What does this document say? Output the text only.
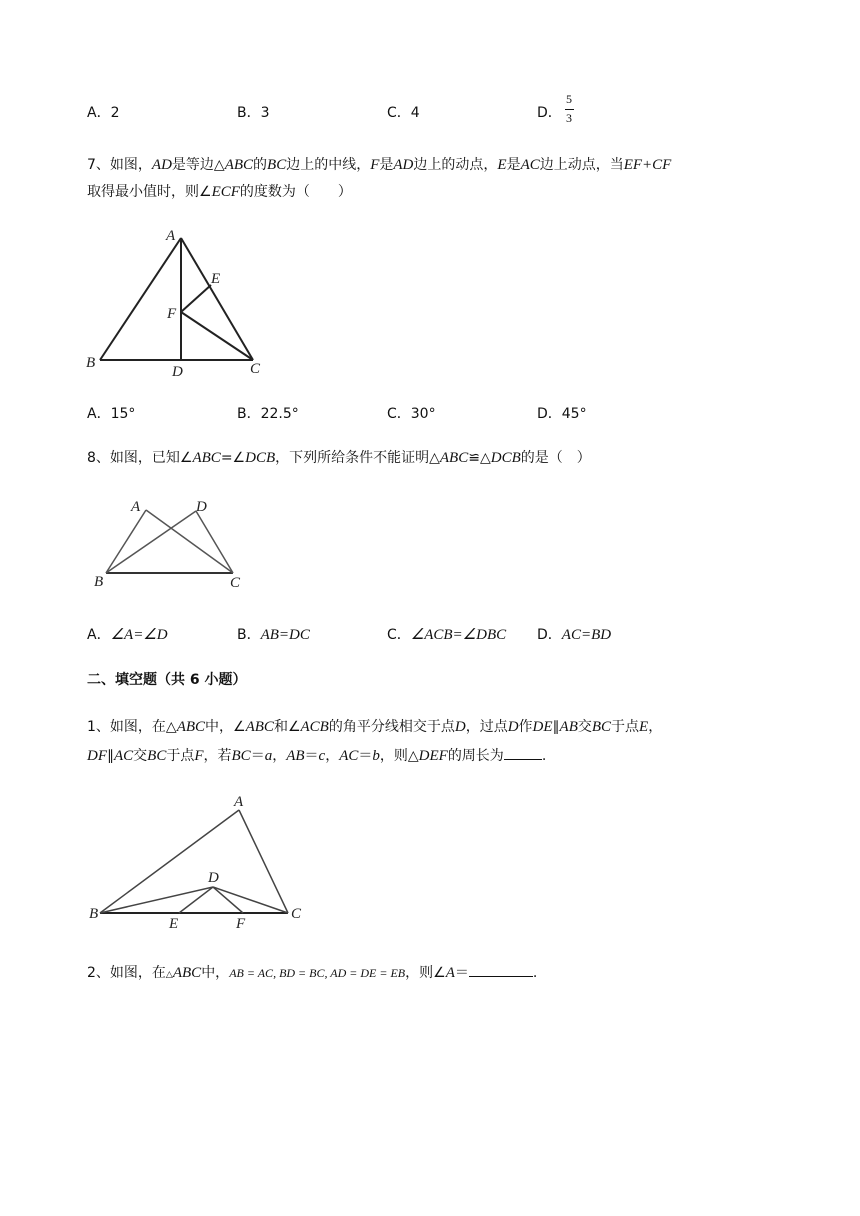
A．2	B．3	C．4	D．
5
3
7、如图，AD是等边△ABC的BC边上的中线，F是AD边上的动点，E是AC边上动点，当EF+CF
取得最小值时，则∠ECF的度数为（　　）
A
E
F
B
D	C
A．15°	B．22.5°	C．30°	D．45°
8、如图，已知∠ABC=∠DCB，下列所给条件不能证明△ABC≌△DCB的是（　）
A	D
B	C
A．∠A=∠D	B．AB=DC	C．∠ACB=∠DBC D．AC=BD
二、填空题（共 6 小题）
1、如图，在△ABC中，∠ABC和∠ACB的角平分线相交于点D，过点D作DE∥AB交BC于点E，
DF∥AC交BC于点F，若BC＝a，AB＝c，AC＝b，则△DEF的周长为	.
A
D
B	C
E	F
2、如图，在△ABC中，AB = AC, BD = BC, AD = DE = EB，则∠A＝	.
